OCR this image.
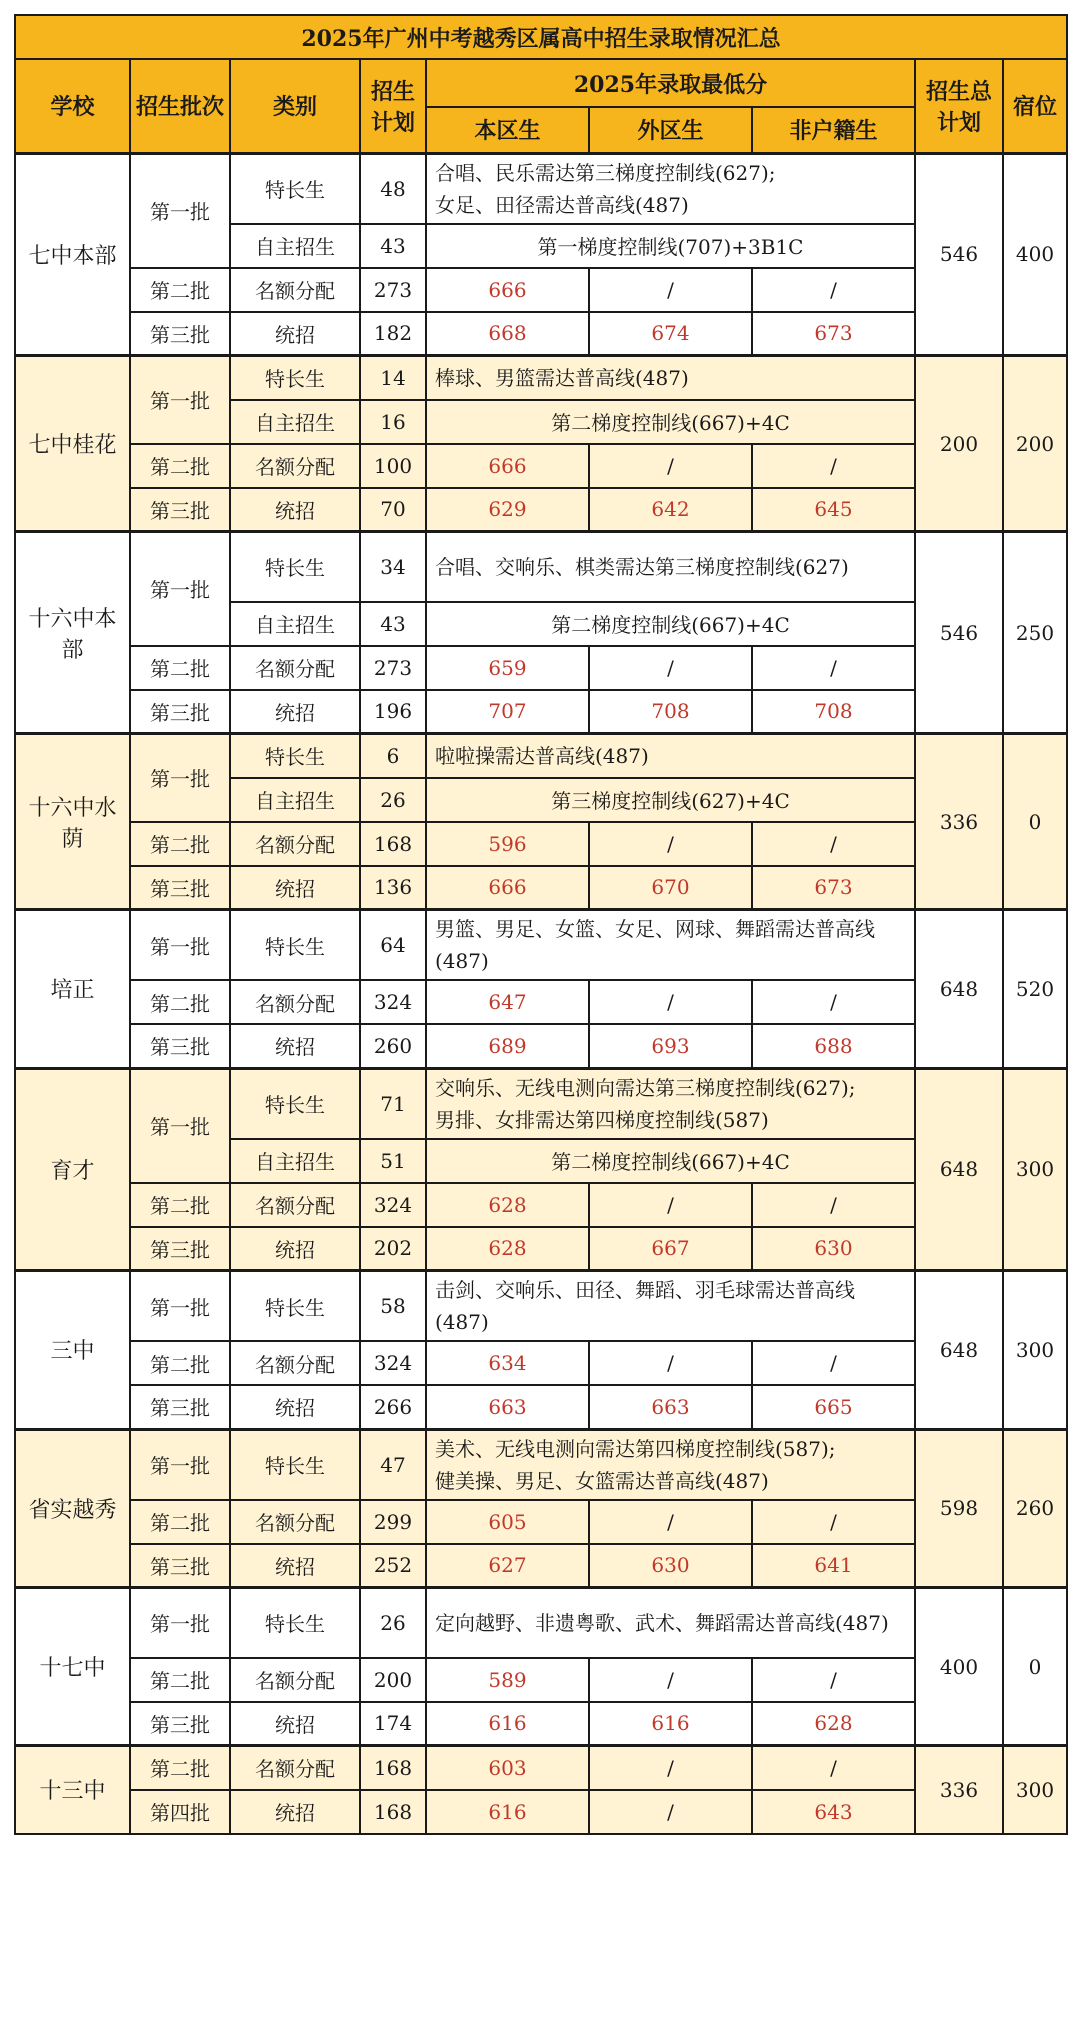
2025年广州中考越秀区属高中招生录取情况汇总								
学校	招生批次	类别	招生计划	2025年录取最低分			招生总计划	宿位
				本区生	外区生	非户籍生		
七中本部	第一批	特长生	48	合唱、民乐需达第三梯度控制线(627);
女足、田径需达普高线(487)			546	400
		自主招生	43	第一梯度控制线(707)+3B1C				
	第二批	名额分配	273	666	/	/		
	第三批	统招	182	668	674	673		
七中桂花	第一批	特长生	14	棒球、男篮需达普高线(487)			200	200
		自主招生	16	第二梯度控制线(667)+4C				
	第二批	名额分配	100	666	/	/		
	第三批	统招	70	629	642	645		
十六中本部	第一批	特长生	34	合唱、交响乐、棋类需达第三梯度控制线(627)			546	250
		自主招生	43	第二梯度控制线(667)+4C				
	第二批	名额分配	273	659	/	/		
	第三批	统招	196	707	708	708		
十六中水荫	第一批	特长生	6	啦啦操需达普高线(487)			336	0
		自主招生	26	第三梯度控制线(627)+4C				
	第二批	名额分配	168	596	/	/		
	第三批	统招	136	666	670	673		
培正	第一批	特长生	64	男篮、男足、女篮、女足、网球、舞蹈需达普高线(487)			648	520
	第二批	名额分配	324	647	/	/		
	第三批	统招	260	689	693	688		
育才	第一批	特长生	71	交响乐、无线电测向需达第三梯度控制线(627);
男排、女排需达第四梯度控制线(587)			648	300
		自主招生	51	第二梯度控制线(667)+4C				
	第二批	名额分配	324	628	/	/		
	第三批	统招	202	628	667	630		
三中	第一批	特长生	58	击剑、交响乐、田径、舞蹈、羽毛球需达普高线(487)			648	300
	第二批	名额分配	324	634	/	/		
	第三批	统招	266	663	663	665		
省实越秀	第一批	特长生	47	美术、无线电测向需达第四梯度控制线(587);
健美操、男足、女篮需达普高线(487)			598	260
	第二批	名额分配	299	605	/	/		
	第三批	统招	252	627	630	641		
十七中	第一批	特长生	26	定向越野、非遗粤歌、武术、舞蹈需达普高线(487)			400	0
	第二批	名额分配	200	589	/	/		
	第三批	统招	174	616	616	628		
十三中	第二批	名额分配	168	603	/	/	336	300
	第四批	统招	168	616	/	643		
